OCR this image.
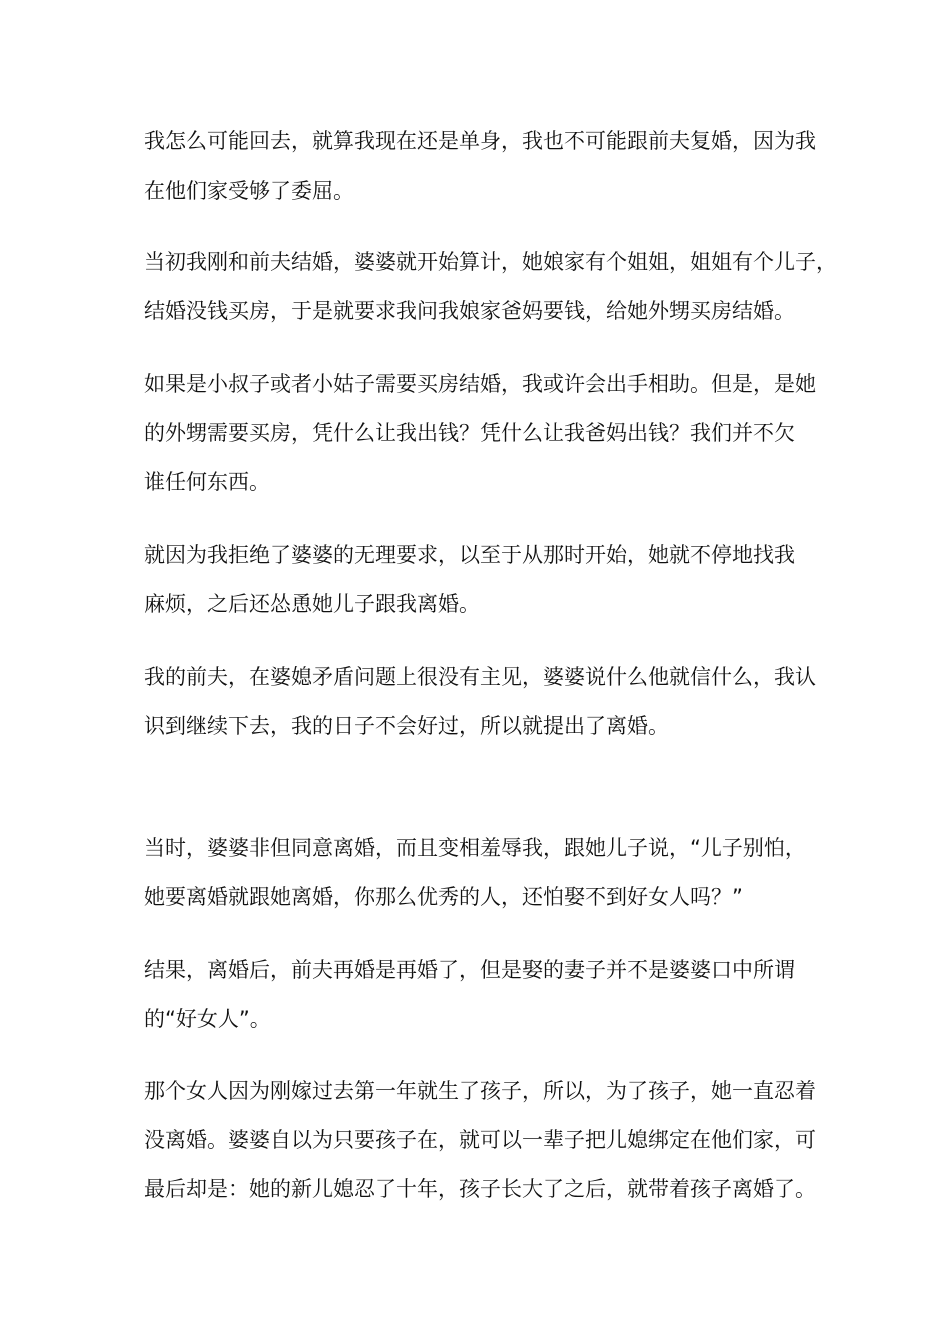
我怎么可能回去，就算我现在还是单身，我也不可能跟前夫复婚，因为我
在他们家受够了委屈。
当初我刚和前夫结婚，婆婆就开始算计，她娘家有个姐姐，姐姐有个儿子，
结婚没钱买房，于是就要求我问我娘家爸妈要钱，给她外甥买房结婚。
如果是小叔子或者小姑子需要买房结婚，我或许会出手相助。但是，是她
的外甥需要买房，凭什么让我出钱？凭什么让我爸妈出钱？我们并不欠
谁任何东西。
就因为我拒绝了婆婆的无理要求，以至于从那时开始，她就不停地找我
麻烦，之后还怂恿她儿子跟我离婚。
我的前夫，在婆媳矛盾问题上很没有主见，婆婆说什么他就信什么，我认
识到继续下去，我的日子不会好过，所以就提出了离婚。
当时，婆婆非但同意离婚，而且变相羞辱我，跟她儿子说，“儿子别怕，
她要离婚就跟她离婚，你那么优秀的人，还怕娶不到好女人吗？”
结果，离婚后，前夫再婚是再婚了，但是娶的妻子并不是婆婆口中所谓
的“好女人”。
那个女人因为刚嫁过去第一年就生了孩子，所以，为了孩子，她一直忍着
没离婚。婆婆自以为只要孩子在，就可以一辈子把儿媳绑定在他们家，可
最后却是：她的新儿媳忍了十年，孩子长大了之后，就带着孩子离婚了。
